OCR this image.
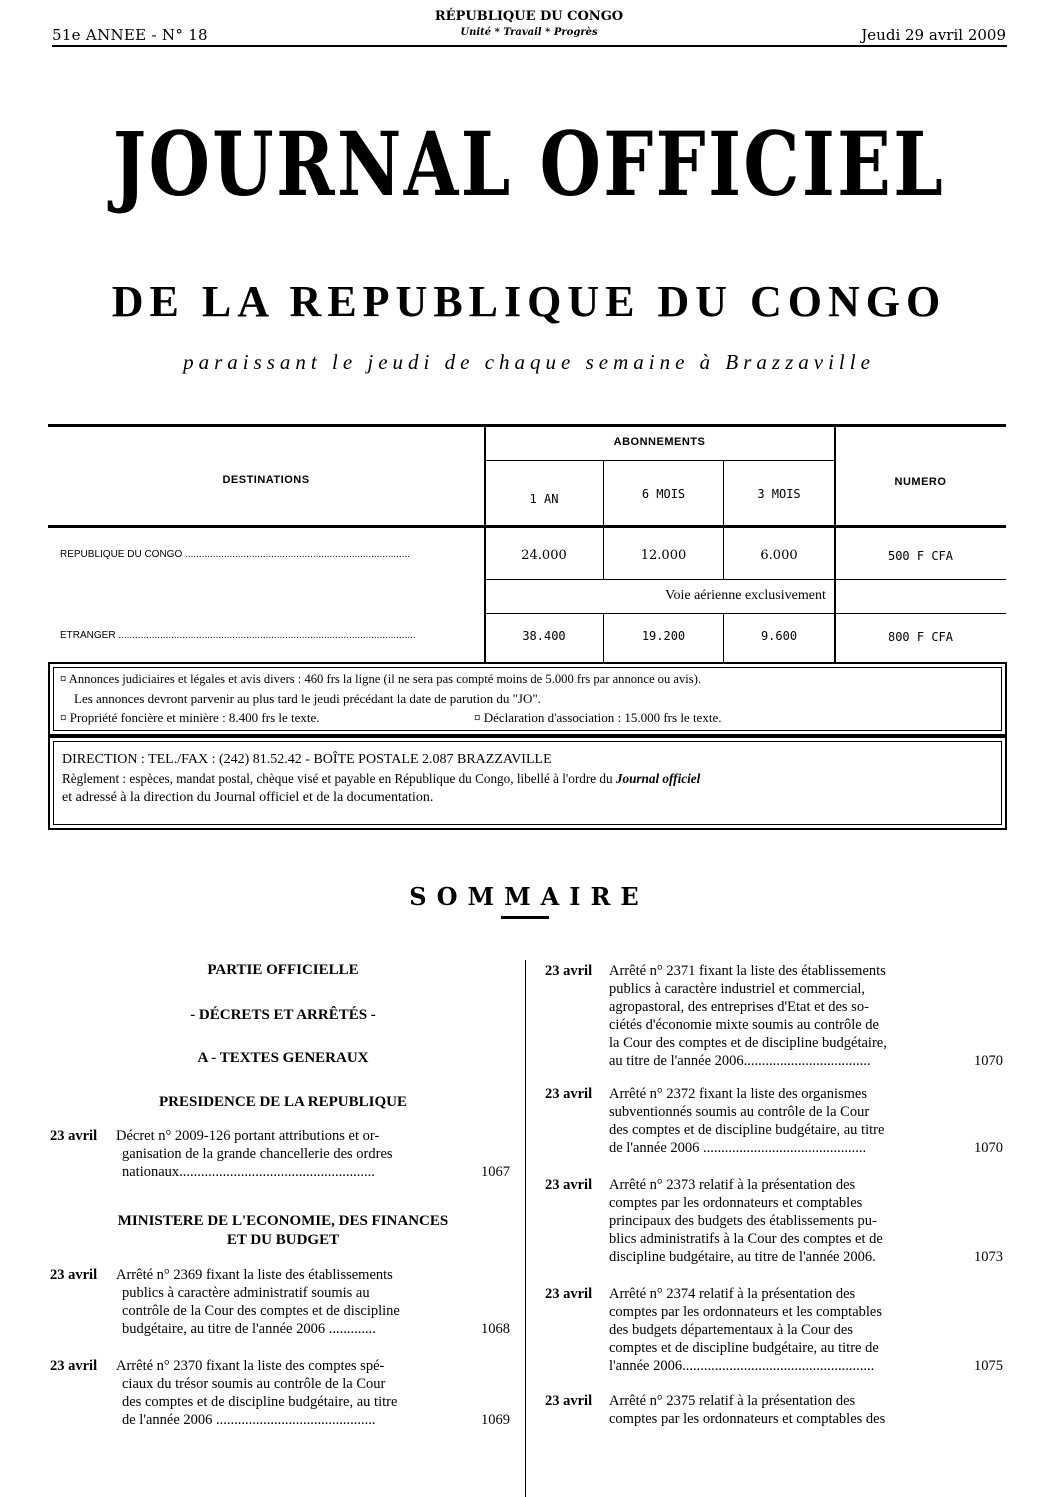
51e ANNEE - N° 18
RÉPUBLIQUE DU CONGO
Unité * Travail * Progrès	Jeudi 29 avril 2009
JOURNAL OFFICIEL
DE LA REPUBLIQUE DU CONGO
paraissant le jeudi de chaque semaine à Brazzaville
DESTINATIONS
ABONNEMENTS
1 AN	6 MOIS	3 MOIS
NUMERO
REPUBLIQUE DU CONGO .................................................................................	24.000	12.000	6.000	500 F CFA
Voie aérienne exclusivement
ETRANGER ...........................................................................................................	38.400	19.200	9.600	800 F CFA
¤ Annonces judiciaires et légales et avis divers : 460 frs la ligne (il ne sera pas compté moins de 5.000 frs par annonce ou avis).
Les annonces devront parvenir au plus tard le jeudi précédant la date de parution du "JO".
¤ Propriété foncière et minière : 8.400 frs le texte.	¤ Déclaration d'association : 15.000 frs le texte.
DIRECTION : TEL./FAX : (242) 81.52.42 - BOÎTE POSTALE 2.087 BRAZZAVILLE
Règlement : espèces, mandat postal, chèque visé et payable en République du Congo, libellé à l'ordre du Journal officiel
et adressé à la direction du Journal officiel et de la documentation.
SOMMAIRE
PARTIE OFFICIELLE
- DÉCRETS ET ARRÊTÉS -
A - TEXTES GENERAUX
PRESIDENCE DE LA REPUBLIQUE
23 avril Décret n° 2009-126 portant attributions et or-
ganisation de la grande chancellerie des ordres
nationaux......................................................	1067
MINISTERE DE L'ECONOMIE, DES FINANCES
ET DU BUDGET
23 avril Arrêté n° 2369 fixant la liste des établissements
publics à caractère administratif soumis au
contrôle de la Cour des comptes et de discipline
budgétaire, au titre de l'année 2006 .............	1068
23 avril Arrêté n° 2370 fixant la liste des comptes spé-
ciaux du trésor soumis au contrôle de la Cour
des comptes et de discipline budgétaire, au titre
de l'année 2006 ............................................	1069
23 avril Arrêté n° 2371 fixant la liste des établissements
publics à caractère industriel et commercial,
agropastoral, des entreprises d'Etat et des so-
ciétés d'économie mixte soumis au contrôle de
la Cour des comptes et de discipline budgétaire,
au titre de l'année 2006...................................	1070
23 avril Arrêté n° 2372 fixant la liste des organismes
subventionnés soumis au contrôle de la Cour
des comptes et de discipline budgétaire, au titre
de l'année 2006 .............................................	1070
23 avril Arrêté n° 2373 relatif à la présentation des
comptes par les ordonnateurs et comptables
principaux des budgets des établissements pu-
blics administratifs à la Cour des comptes et de
discipline budgétaire, au titre de l'année 2006.	1073
23 avril Arrêté n° 2374 relatif à la présentation des
comptes par les ordonnateurs et les comptables
des budgets départementaux à la Cour des
comptes et de discipline budgétaire, au titre de
l'année 2006.....................................................	1075
23 avril Arrêté n° 2375 relatif à la présentation des
comptes par les ordonnateurs et comptables des
